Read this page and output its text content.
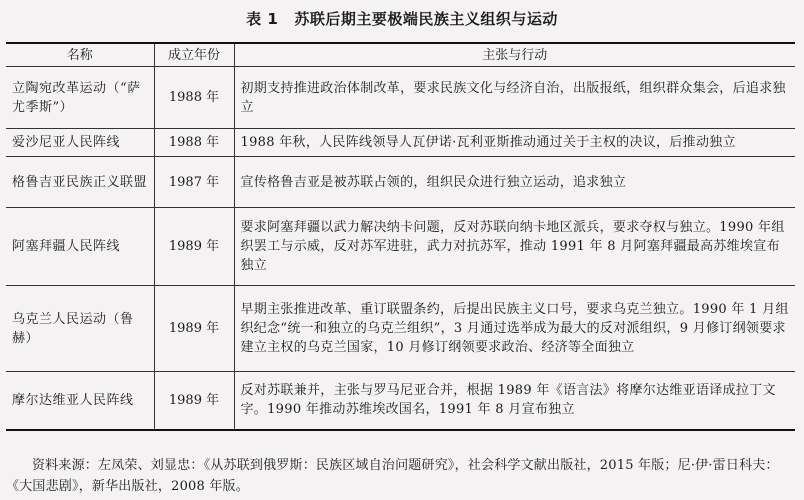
表 1 苏联后期主要极端民族主义组织与运动
名称	成立年份	主张与行动
立陶宛改革运动（“萨尤季斯”）	1988 年	初期支持推进政治体制改革，要求民族文化与经济自治，出版报纸，组织群众集会，后追求独立
爱沙尼亚人民阵线	1988 年	1988 年秋，人民阵线领导人瓦伊诺·瓦利亚斯推动通过关于主权的决议，后推动独立
格鲁吉亚民族正义联盟	1987 年	宣传格鲁吉亚是被苏联占领的，组织民众进行独立运动，追求独立
阿塞拜疆人民阵线	1989 年	要求阿塞拜疆以武力解决纳卡问题，反对苏联向纳卡地区派兵，要求夺权与独立。1990 年组织罢工与示威，反对苏军进驻，武力对抗苏军，推动 1991 年 8 月阿塞拜疆最高苏维埃宣布独立
乌克兰人民运动（鲁赫）	1989 年	早期主张推进改革、重订联盟条约，后提出民族主义口号，要求乌克兰独立。1990 年 1 月组织纪念“统一和独立的乌克兰组织”，3 月通过选举成为最大的反对派组织，9 月修订纲领要求建立主权的乌克兰国家，10 月修订纲领要求政治、经济等全面独立
摩尔达维亚人民阵线	1989 年	反对苏联兼并，主张与罗马尼亚合并，根据 1989 年《语言法》将摩尔达维亚语译成拉丁文字。1990 年推动苏维埃改国名，1991 年 8 月宣布独立
资料来源：左凤荣、刘显忠：《从苏联到俄罗斯：民族区域自治问题研究》，社会科学文献出版社，2015 年版；尼·伊·雷日科夫：《大国悲剧》，新华出版社，2008 年版。
